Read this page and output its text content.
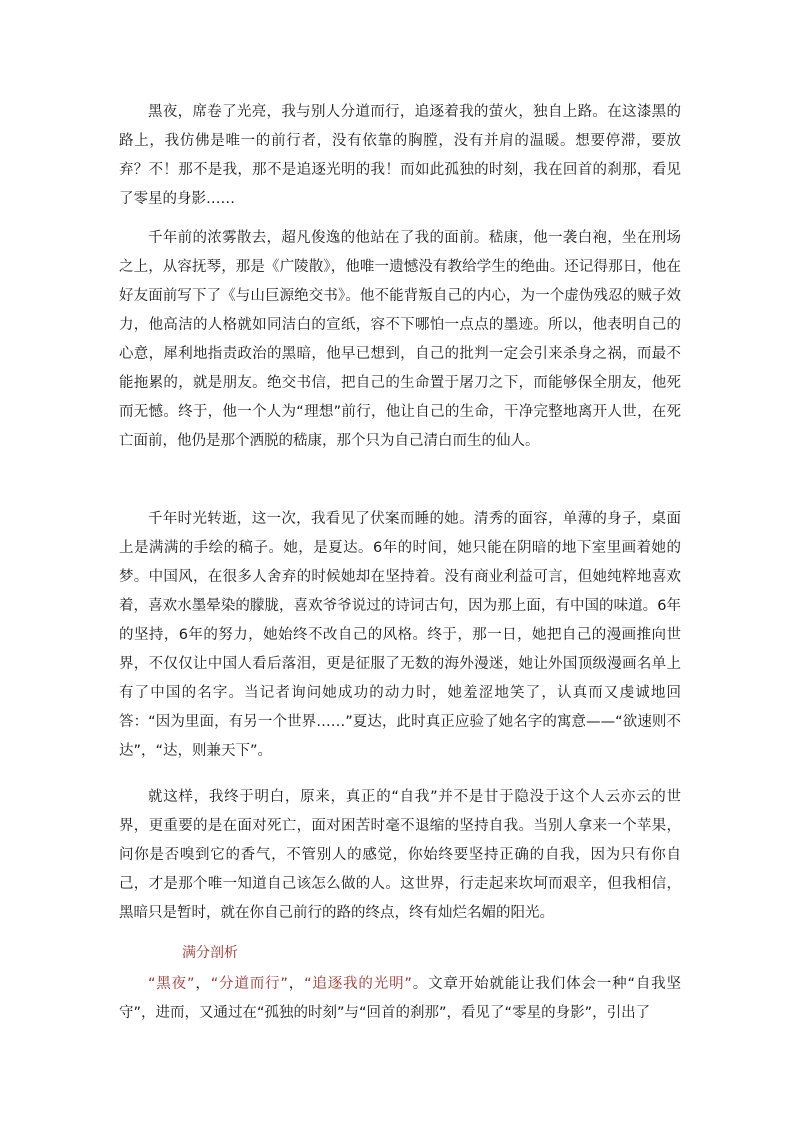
黑夜，席卷了光亮，我与别人分道而行，追逐着我的萤火，独自上路。在这漆黑的路上，我仿佛是唯一的前行者，没有依靠的胸膛，没有并肩的温暖。想要停滞，要放弃？不！那不是我，那不是追逐光明的我！而如此孤独的时刻，我在回首的刹那，看见了零星的身影……

千年前的浓雾散去，超凡俊逸的他站在了我的面前。嵇康，他一袭白袍，坐在刑场之上，从容抚琴，那是《广陵散》，他唯一遗憾没有教给学生的绝曲。还记得那日，他在好友面前写下了《与山巨源绝交书》。他不能背叛自己的内心，为一个虚伪残忍的贼子效力，他高洁的人格就如同洁白的宣纸，容不下哪怕一点点的墨迹。所以，他表明自己的心意，犀利地指责政治的黑暗，他早已想到，自己的批判一定会引来杀身之祸，而最不能拖累的，就是朋友。绝交书信，把自己的生命置于屠刀之下，而能够保全朋友，他死而无憾。终于，他一个人为“理想”前行，他让自己的生命，干净完整地离开人世，在死亡面前，他仍是那个洒脱的嵇康，那个只为自己清白而生的仙人。

千年时光转逝，这一次，我看见了伏案而睡的她。清秀的面容，单薄的身子，桌面上是满满的手绘的稿子。她，是夏达。6年的时间，她只能在阴暗的地下室里画着她的梦。中国风，在很多人舍弃的时候她却在坚持着。没有商业利益可言，但她纯粹地喜欢着，喜欢水墨晕染的朦胧，喜欢爷爷说过的诗词古句，因为那上面，有中国的味道。6年的坚持，6年的努力，她始终不改自己的风格。终于，那一日，她把自己的漫画推向世界，不仅仅让中国人看后落泪，更是征服了无数的海外漫迷，她让外国顶级漫画名单上有了中国的名字。当记者询问她成功的动力时，她羞涩地笑了，认真而又虔诚地回答：“因为里面，有另一个世界……”夏达，此时真正应验了她名字的寓意——“欲速则不达”，“达，则兼天下”。

就这样，我终于明白，原来，真正的“自我”并不是甘于隐没于这个人云亦云的世界，更重要的是在面对死亡，面对困苦时毫不退缩的坚持自我。当别人拿来一个苹果，问你是否嗅到它的香气，不管别人的感觉，你始终要坚持正确的自我，因为只有你自己，才是那个唯一知道自己该怎么做的人。这世界，行走起来坎坷而艰辛，但我相信，黑暗只是暂时，就在你自己前行的路的终点，终有灿烂名媚的阳光。

满分剖析

“黑夜”，“分道而行”，“追逐我的光明”。文章开始就能让我们体会一种“自我坚守”，进而，又通过在“孤独的时刻”与“回首的刹那”，看见了“零星的身影”，引出了
